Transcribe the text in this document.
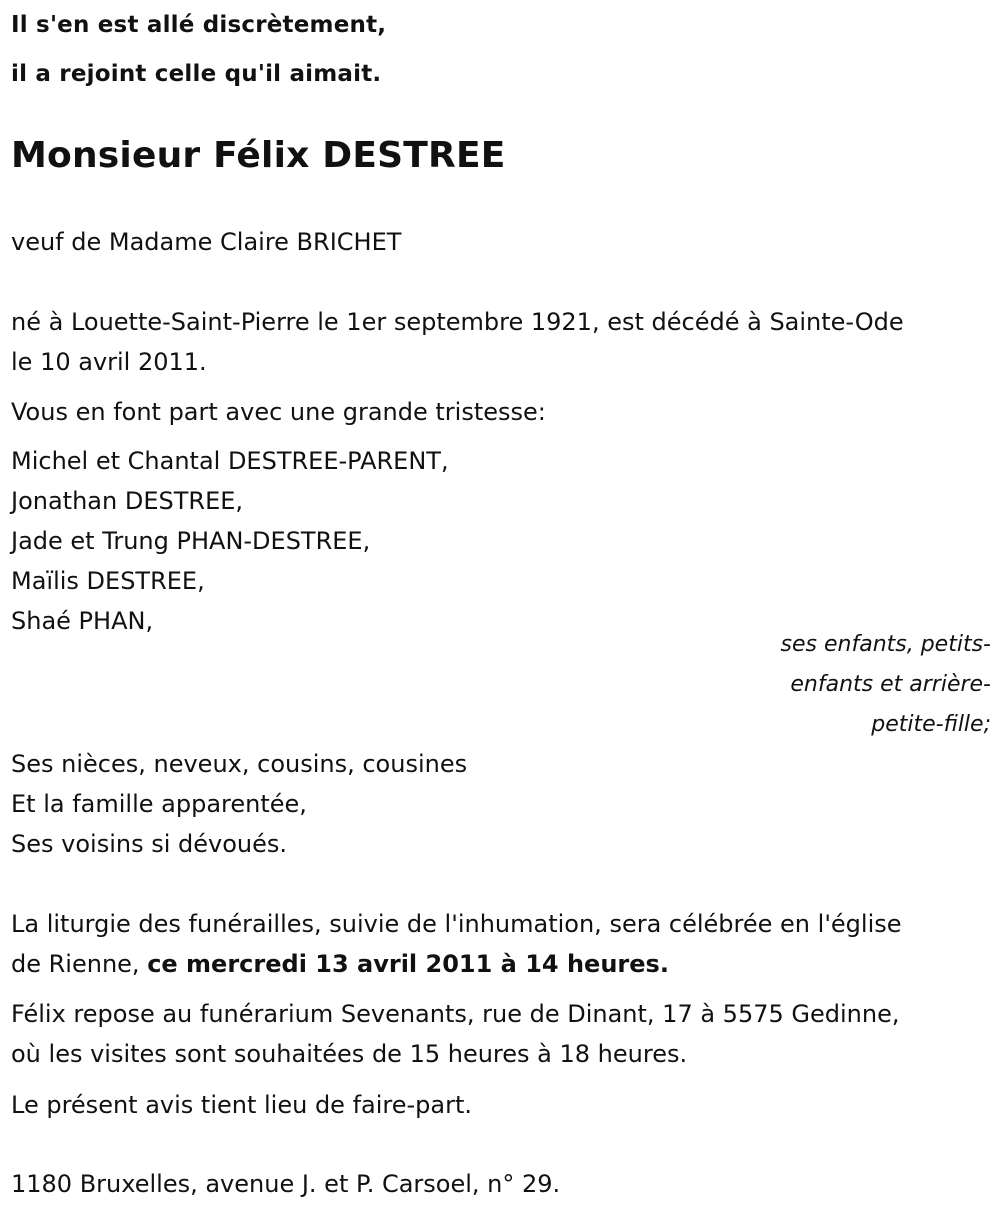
Il s'en est allé discrètement,
il a rejoint celle qu'il aimait.
Monsieur Félix DESTREE
veuf de Madame Claire BRICHET
né à Louette-Saint-Pierre le 1er septembre 1921, est décédé à Sainte-Ode
le 10 avril 2011.
Vous en font part avec une grande tristesse:
Michel et Chantal DESTREE-PARENT,
Jonathan DESTREE,
Jade et Trung PHAN-DESTREE,
Maïlis DESTREE,
Shaé PHAN,
ses enfants, petits-
enfants et arrière-
petite-fille;
Ses nièces, neveux, cousins, cousines
Et la famille apparentée,
Ses voisins si dévoués.
La liturgie des funérailles, suivie de l'inhumation, sera célébrée en l'église
de Rienne, ce mercredi 13 avril 2011 à 14 heures.
Félix repose au funérarium Sevenants, rue de Dinant, 17 à 5575 Gedinne,
où les visites sont souhaitées de 15 heures à 18 heures.
Le présent avis tient lieu de faire-part.
1180 Bruxelles, avenue J. et P. Carsoel, n° 29.
